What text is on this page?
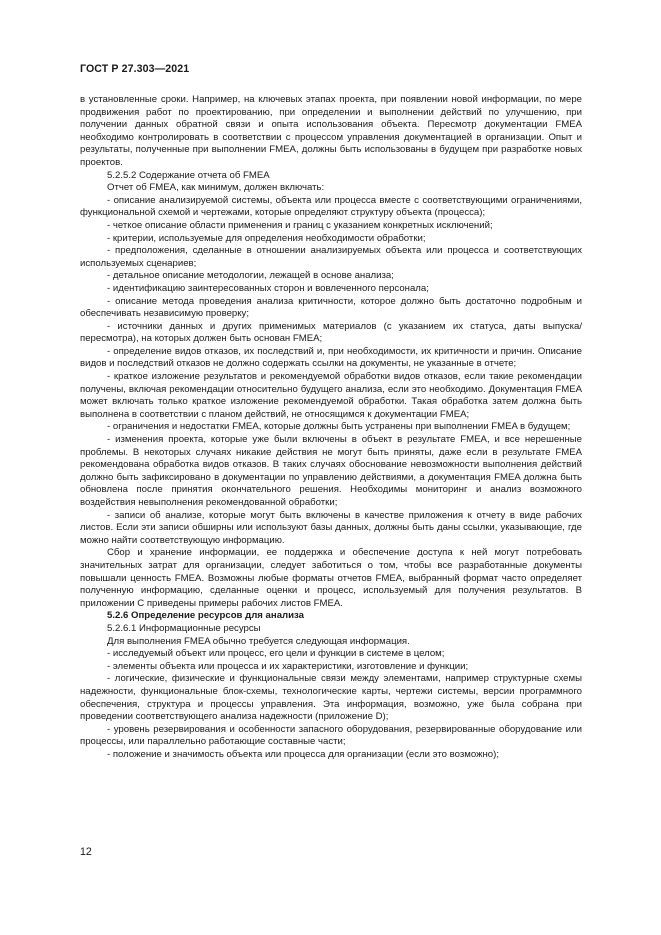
ГОСТ Р 27.303—2021

в установленные сроки. Например, на ключевых этапах проекта, при появлении новой информации, по мере продвижения работ по проектированию, при определении и выполнении действий по улучшению, при получении данных обратной связи и опыта использования объекта. Пересмотр документации FMEA необходимо контролировать в соответствии с процессом управления документацией в организации. Опыт и результаты, полученные при выполнении FMEA, должны быть использованы в будущем при разработке новых проектов.

5.2.5.2 Содержание отчета об FMEA

Отчет об FMEA, как минимум, должен включать:

- описание анализируемой системы, объекта или процесса вместе с соответствующими ограничениями, функциональной схемой и чертежами, которые определяют структуру объекта (процесса);

- четкое описание области применения и границ с указанием конкретных исключений;

- критерии, используемые для определения необходимости обработки;

- предположения, сделанные в отношении анализируемых объекта или процесса и соответствующих используемых сценариев;

- детальное описание методологии, лежащей в основе анализа;

- идентификацию заинтересованных сторон и вовлеченного персонала;

- описание метода проведения анализа критичности, которое должно быть достаточно подробным и обеспечивать независимую проверку;

- источники данных и других применимых материалов (с указанием их статуса, даты выпуска/пересмотра), на которых должен быть основан FMEA;

- определение видов отказов, их последствий и, при необходимости, их критичности и причин. Описание видов и последствий отказов не должно содержать ссылки на документы, не указанные в отчете;

- краткое изложение результатов и рекомендуемой обработки видов отказов, если такие рекомендации получены, включая рекомендации относительно будущего анализа, если это необходимо. Документация FMEA может включать только краткое изложение рекомендуемой обработки. Такая обработка затем должна быть выполнена в соответствии с планом действий, не относящимся к документации FMEA;

- ограничения и недостатки FMEA, которые должны быть устранены при выполнении FMEA в будущем;

- изменения проекта, которые уже были включены в объект в результате FMEA, и все нерешенные проблемы. В некоторых случаях никакие действия не могут быть приняты, даже если в результате FMEA рекомендована обработка видов отказов. В таких случаях обоснование невозможности выполнения действий должно быть зафиксировано в документации по управлению действиями, а документация FMEA должна быть обновлена после принятия окончательного решения. Необходимы мониторинг и анализ возможного воздействия невыполнения рекомендованной обработки;

- записи об анализе, которые могут быть включены в качестве приложения к отчету в виде рабочих листов. Если эти записи обширны или используют базы данных, должны быть даны ссылки, указывающие, где можно найти соответствующую информацию.

Сбор и хранение информации, ее поддержка и обеспечение доступа к ней могут потребовать значительных затрат для организации, следует заботиться о том, чтобы все разработанные документы повышали ценность FMEA. Возможны любые форматы отчетов FMEA, выбранный формат часто определяет полученную информацию, сделанные оценки и процесс, используемый для получения результатов. В приложении С приведены примеры рабочих листов FMEA.

5.2.6 Определение ресурсов для анализа

5.2.6.1 Информационные ресурсы

Для выполнения FMEA обычно требуется следующая информация.

- исследуемый объект или процесс, его цели и функции в системе в целом;

- элементы объекта или процесса и их характеристики, изготовление и функции;

- логические, физические и функциональные связи между элементами, например структурные схемы надежности, функциональные блок-схемы, технологические карты, чертежи системы, версии программного обеспечения, структура и процессы управления. Эта информация, возможно, уже была собрана при проведении соответствующего анализа надежности (приложение D);

- уровень резервирования и особенности запасного оборудования, резервированные оборудование или процессы, или параллельно работающие составные части;

- положение и значимость объекта или процесса для организации (если это возможно);

12
